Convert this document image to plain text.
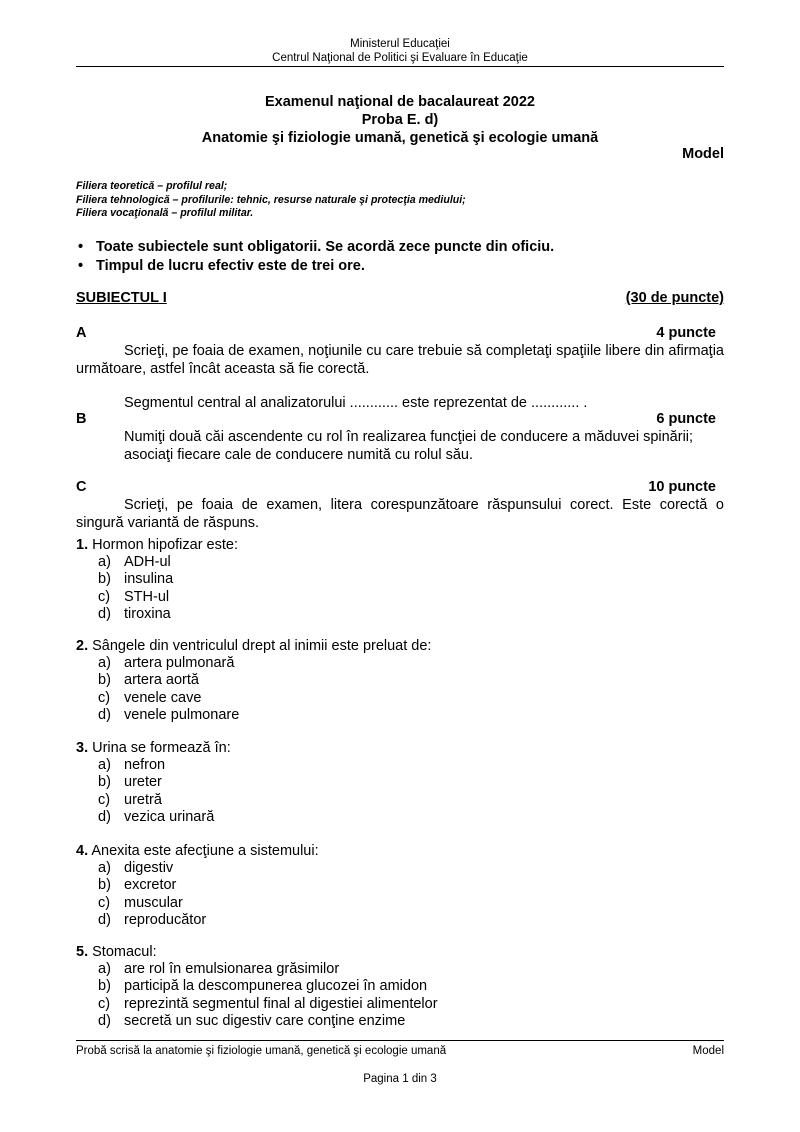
Ministerul Educaţiei
Centrul Naţional de Politici şi Evaluare în Educaţie
Examenul naţional de bacalaureat 2022
Proba E. d)
Anatomie şi fiziologie umană, genetică şi ecologie umană
Model
Filiera teoretică – profilul real;
Filiera tehnologică – profilurile: tehnic, resurse naturale şi protecţia mediului;
Filiera vocaţională – profilul militar.
• Toate subiectele sunt obligatorii. Se acordă zece puncte din oficiu.
• Timpul de lucru efectiv este de trei ore.
SUBIECTUL I	(30 de puncte)
A	4 puncte
Scrieţi, pe foaia de examen, noţiunile cu care trebuie să completaţi spaţiile libere din afirmaţia următoare, astfel încât aceasta să fie corectă.
Segmentul central al analizatorului ............ este reprezentat de ............ .
B	6 puncte
Numiţi două căi ascendente cu rol în realizarea funcţiei de conducere a măduvei spinării;
asociaţi fiecare cale de conducere numită cu rolul său.
C	10 puncte
Scrieţi, pe foaia de examen, litera corespunzătoare răspunsului corect. Este corectă o singură variantă de răspuns.
1. Hormon hipofizar este:
a) ADH-ul
b) insulina
c) STH-ul
d) tiroxina
2. Sângele din ventriculul drept al inimii este preluat de:
a) artera pulmonară
b) artera aortă
c) venele cave
d) venele pulmonare
3. Urina se formează în:
a) nefron
b) ureter
c) uretră
d) vezica urinară
4. Anexita este afecţiune a sistemului:
a) digestiv
b) excretor
c) muscular
d) reproducător
5. Stomacul:
a) are rol în emulsionarea grăsimilor
b) participă la descompunerea glucozei în amidon
c) reprezintă segmentul final al digestiei alimentelor
d) secretă un suc digestiv care conţine enzime
Probă scrisă la anatomie şi fiziologie umană, genetică şi ecologie umană	Model
Pagina 1 din 3
